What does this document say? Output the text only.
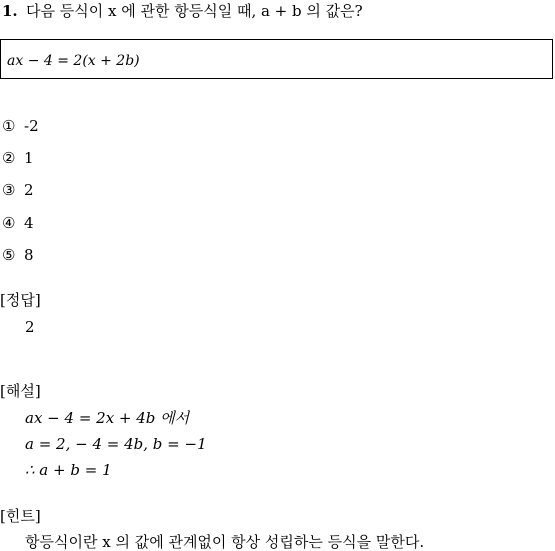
1. 다음 등식이 x 에 관한 항등식일 때, a + b 의 값은?
ax − 4 = 2(x + 2b)
① -2
② 1
③ 2
④ 4
⑤ 8
[정답]
2
[해설]
ax − 4 = 2x + 4b 에서
a = 2, − 4 = 4b, b = −1
∴ a + b = 1
[힌트]
항등식이란 x 의 값에 관계없이 항상 성립하는 등식을 말한다.
